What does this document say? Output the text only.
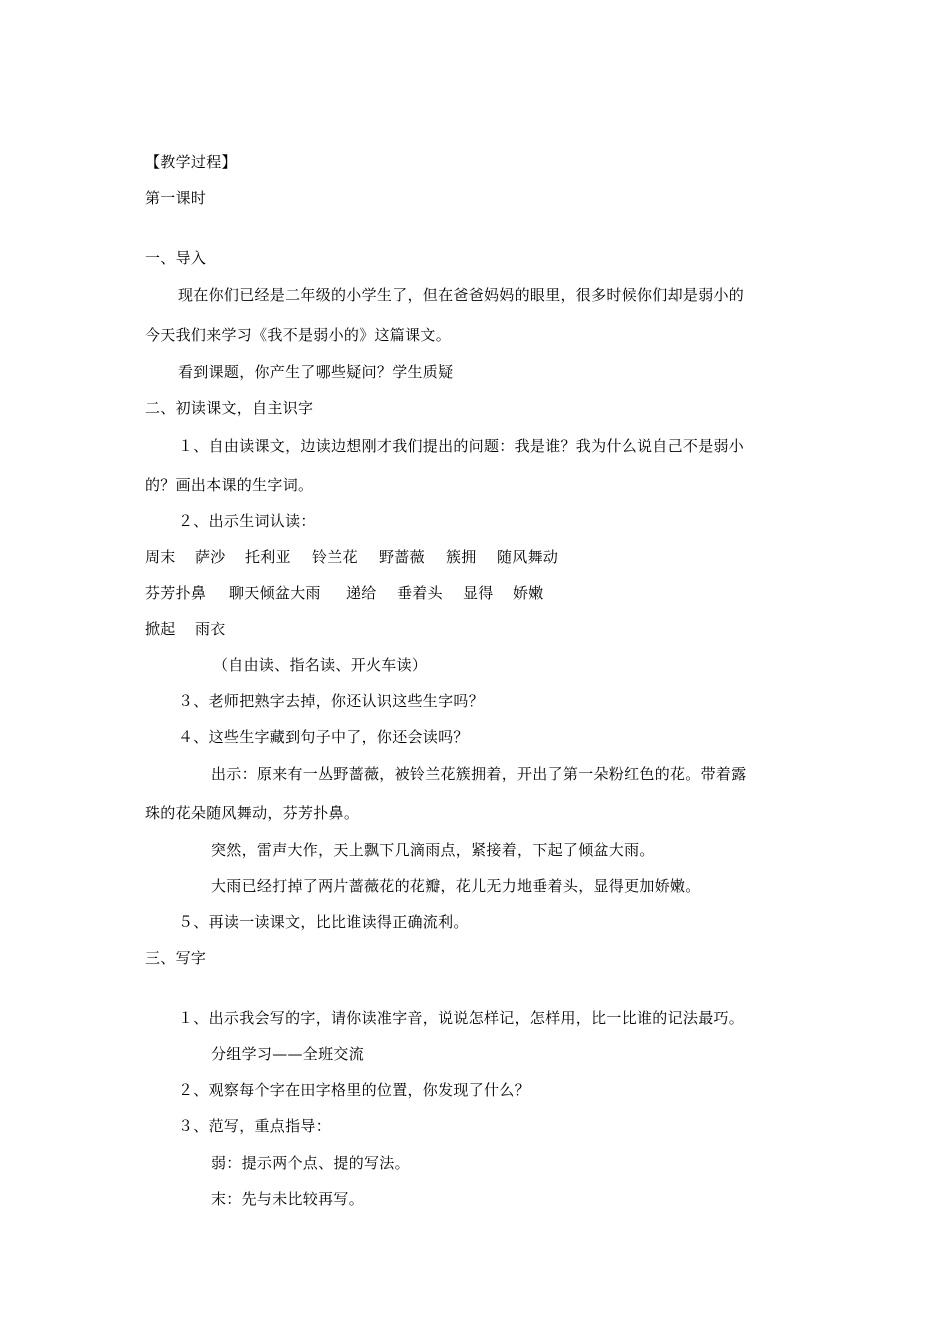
【教学过程】
第一课时
一、导入
现在你们已经是二年级的小学生了，但在爸爸妈妈的眼里，很多时候你们却是弱小的
今天我们来学习《我不是弱小的》这篇课文。
看到课题，你产生了哪些疑问？学生质疑
二、初读课文，自主识字
１、自由读课文，边读边想刚才我们提出的问题：我是谁？我为什么说自己不是弱小
的？画出本课的生字词。
２、出示生词认读：
周末 萨沙 托利亚 铃兰花 野蔷薇 簇拥 随风舞动
芬芳扑鼻 聊天倾盆大雨 递给 垂着头 显得 娇嫩
掀起 雨衣
（自由读、指名读、开火车读）
３、老师把熟字去掉，你还认识这些生字吗？
４、这些生字藏到句子中了，你还会读吗？
出示：原来有一丛野蔷薇，被铃兰花簇拥着，开出了第一朵粉红色的花。带着露
珠的花朵随风舞动，芬芳扑鼻。
突然，雷声大作，天上飘下几滴雨点，紧接着，下起了倾盆大雨。
大雨已经打掉了两片蔷薇花的花瓣，花儿无力地垂着头，显得更加娇嫩。
５、再读一读课文，比比谁读得正确流利。
三、写字
１、出示我会写的字，请你读准字音，说说怎样记，怎样用，比一比谁的记法最巧。
分组学习——全班交流
２、观察每个字在田字格里的位置，你发现了什么？
３、范写，重点指导：
弱：提示两个点、提的写法。
末：先与未比较再写。
